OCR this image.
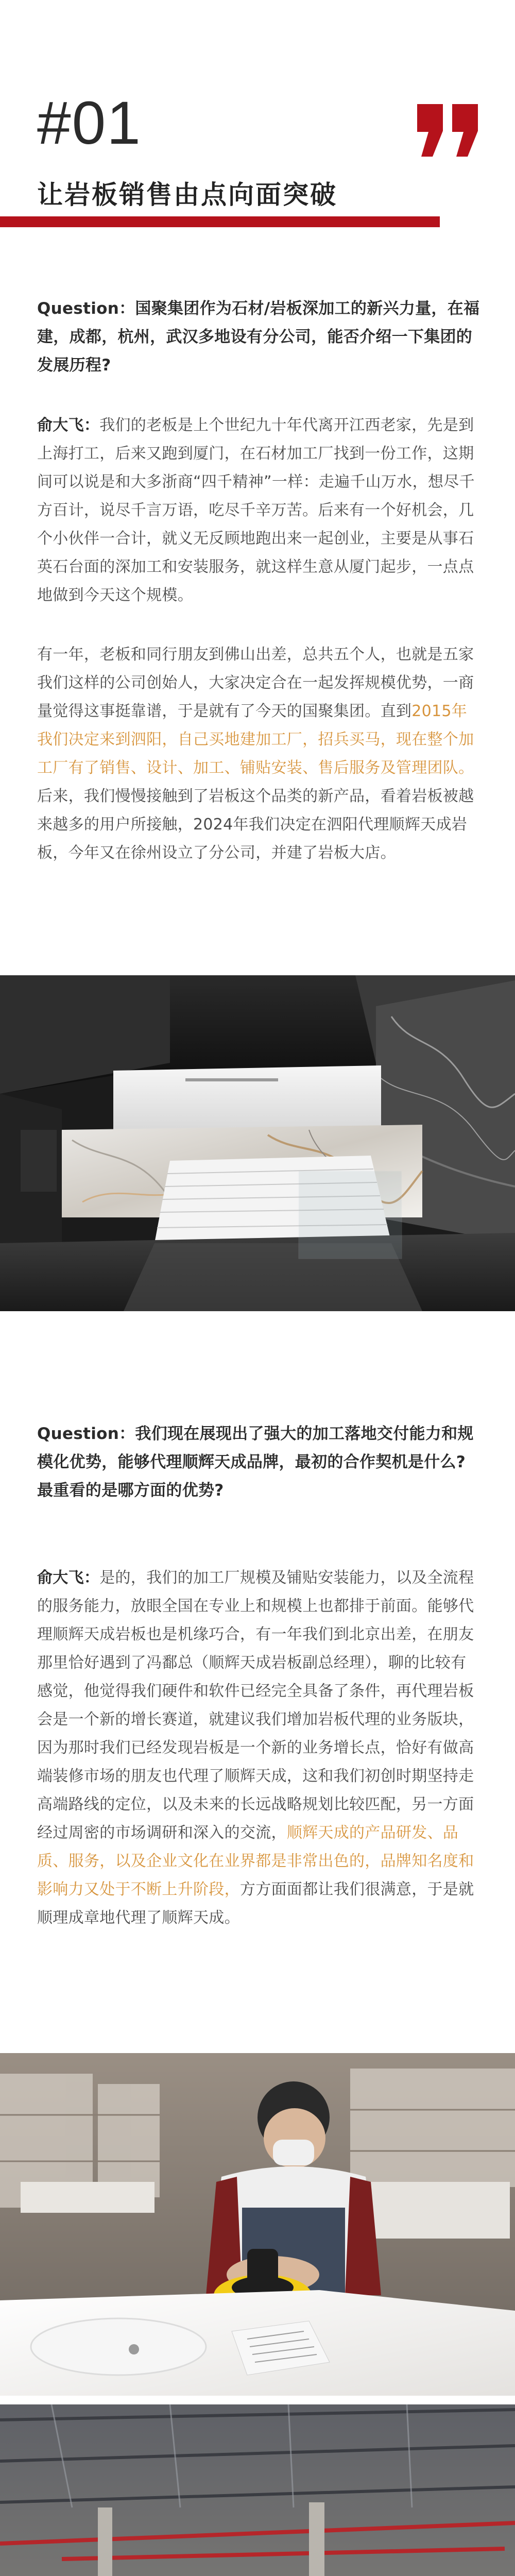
#01
让岩板销售由点向面突破

Question：国聚集团作为石材/岩板深加工的新兴力量，在福建，成都，杭州，武汉多地设有分公司，能否介绍一下集团的发展历程?

俞大飞：我们的老板是上个世纪九十年代离开江西老家，先是到上海打工，后来又跑到厦门，在石材加工厂找到一份工作，这期间可以说是和大多浙商“四千精神”一样：走遍千山万水，想尽千方百计，说尽千言万语，吃尽千辛万苦。后来有一个好机会，几个小伙伴一合计，就义无反顾地跑出来一起创业，主要是从事石英石台面的深加工和安装服务，就这样生意从厦门起步，一点点地做到今天这个规模。

有一年，老板和同行朋友到佛山出差，总共五个人，也就是五家我们这样的公司创始人，大家决定合在一起发挥规模优势，一商量觉得这事挺靠谱，于是就有了今天的国聚集团。直到2015年我们决定来到泗阳，自己买地建加工厂，招兵买马，现在整个加工厂有了销售、设计、加工、铺贴安装、售后服务及管理团队。后来，我们慢慢接触到了岩板这个品类的新产品，看着岩板被越来越多的用户所接触，2024年我们决定在泗阳代理顺辉天成岩板，今年又在徐州设立了分公司，并建了岩板大店。

Question：我们现在展现出了强大的加工落地交付能力和规模化优势，能够代理顺辉天成品牌，最初的合作契机是什么? 最重看的是哪方面的优势?

俞大飞：是的，我们的加工厂规模及铺贴安装能力，以及全流程的服务能力，放眼全国在专业上和规模上也都排于前面。能够代理顺辉天成岩板也是机缘巧合，有一年我们到北京出差，在朋友那里恰好遇到了冯鄱总（顺辉天成岩板副总经理），聊的比较有感觉，他觉得我们硬件和软件已经完全具备了条件，再代理岩板会是一个新的增长赛道，就建议我们增加岩板代理的业务版块，因为那时我们已经发现岩板是一个新的业务增长点，恰好有做高端装修市场的朋友也代理了顺辉天成，这和我们初创时期坚持走高端路线的定位，以及未来的长远战略规划比较匹配，另一方面经过周密的市场调研和深入的交流，顺辉天成的产品研发、品质、服务，以及企业文化在业界都是非常出色的，品牌知名度和影响力又处于不断上升阶段，方方面面都让我们很满意，于是就顺理成章地代理了顺辉天成。
